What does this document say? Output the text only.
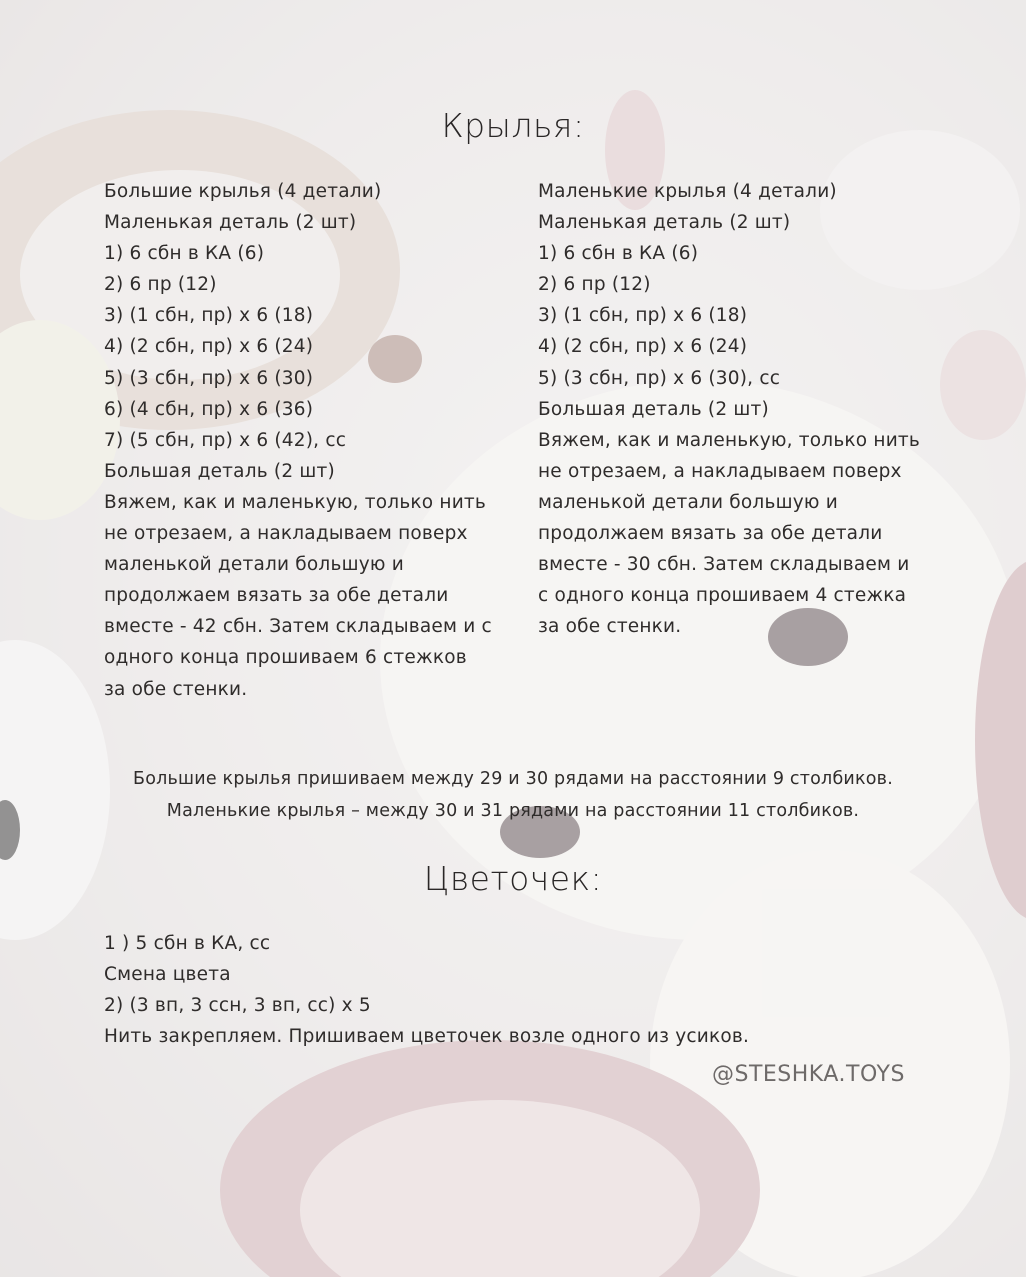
Крылья:
Большие крылья (4 детали)
Маленькая деталь (2 шт)
1) 6 сбн в КА (6)
2) 6 пр (12)
3) (1 сбн, пр) х 6 (18)
4) (2 сбн, пр) х 6 (24)
5) (3 сбн, пр) х 6 (30)
6) (4 сбн, пр) х 6 (36)
7) (5 сбн, пр) х 6 (42), сс
Большая деталь (2 шт)
Вяжем, как и маленькую, только нить
не отрезаем, а накладываем поверх
маленькой детали большую и
продолжаем вязать за обе детали
вместе - 42 сбн. Затем складываем и с
одного конца прошиваем 6 стежков
за обе стенки.
Маленькие крылья (4 детали)
Маленькая деталь (2 шт)
1) 6 сбн в КА (6)
2) 6 пр (12)
3) (1 сбн, пр) х 6 (18)
4) (2 сбн, пр) х 6 (24)
5) (3 сбн, пр) х 6 (30), сс
Большая деталь (2 шт)
Вяжем, как и маленькую, только нить
не отрезаем, а накладываем поверх
маленькой детали большую и
продолжаем вязать за обе детали
вместе - 30 сбн. Затем складываем и
с одного конца прошиваем 4 стежка
за обе стенки.
Большие крылья пришиваем между 29 и 30 рядами на расстоянии 9 столбиков.
Маленькие крылья – между 30 и 31 рядами на расстоянии 11 столбиков.
Цветочек:
1 ) 5 сбн в КА, сс
Смена цвета
2) (3 вп, 3 ссн, 3 вп, сс) х 5
Нить закрепляем. Пришиваем цветочек возле одного из усиков.
@STESHKA.TOYS
